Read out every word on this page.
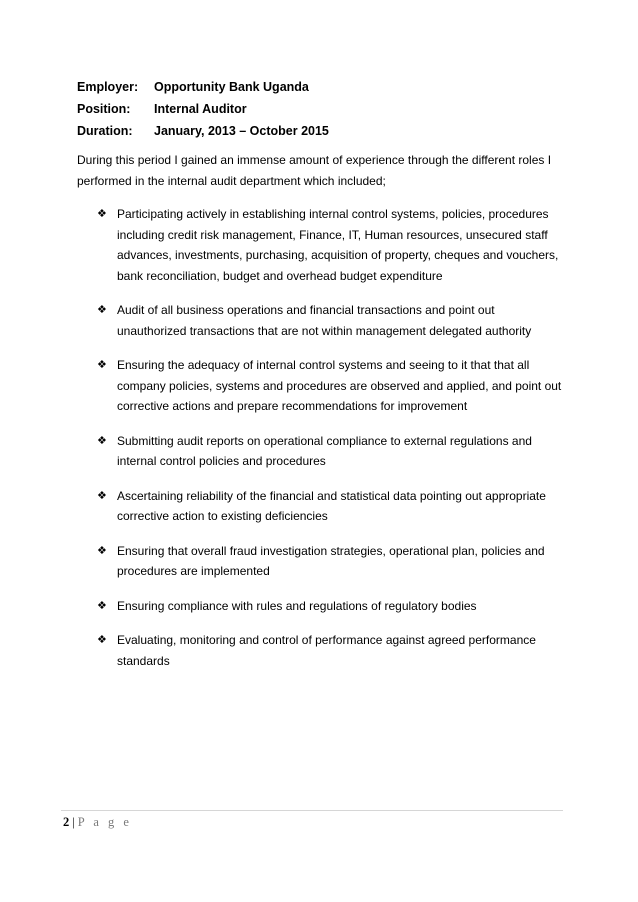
Employer:	Opportunity Bank Uganda
Position:	Internal Auditor
Duration:	January, 2013 – October 2015

During this period I gained an immense amount of experience through the different roles I performed in the internal audit department which included;

❖ Participating actively in establishing internal control systems, policies, procedures including credit risk management, Finance, IT, Human resources, unsecured staff advances, investments, purchasing, acquisition of property, cheques and vouchers, bank reconciliation, budget and overhead budget expenditure
❖ Audit of all business operations and financial transactions and point out unauthorized transactions that are not within management delegated authority
❖ Ensuring the adequacy of internal control systems and seeing to it that that all company policies, systems and procedures are observed and applied, and point out corrective actions and prepare recommendations for improvement
❖ Submitting audit reports on operational compliance to external regulations and internal control policies and procedures
❖ Ascertaining reliability of the financial and statistical data pointing out appropriate corrective action to existing deficiencies
❖ Ensuring that overall fraud investigation strategies, operational plan, policies and procedures are implemented
❖ Ensuring compliance with rules and regulations of regulatory bodies
❖ Evaluating, monitoring and control of performance against agreed performance standards
2 | P a g e
